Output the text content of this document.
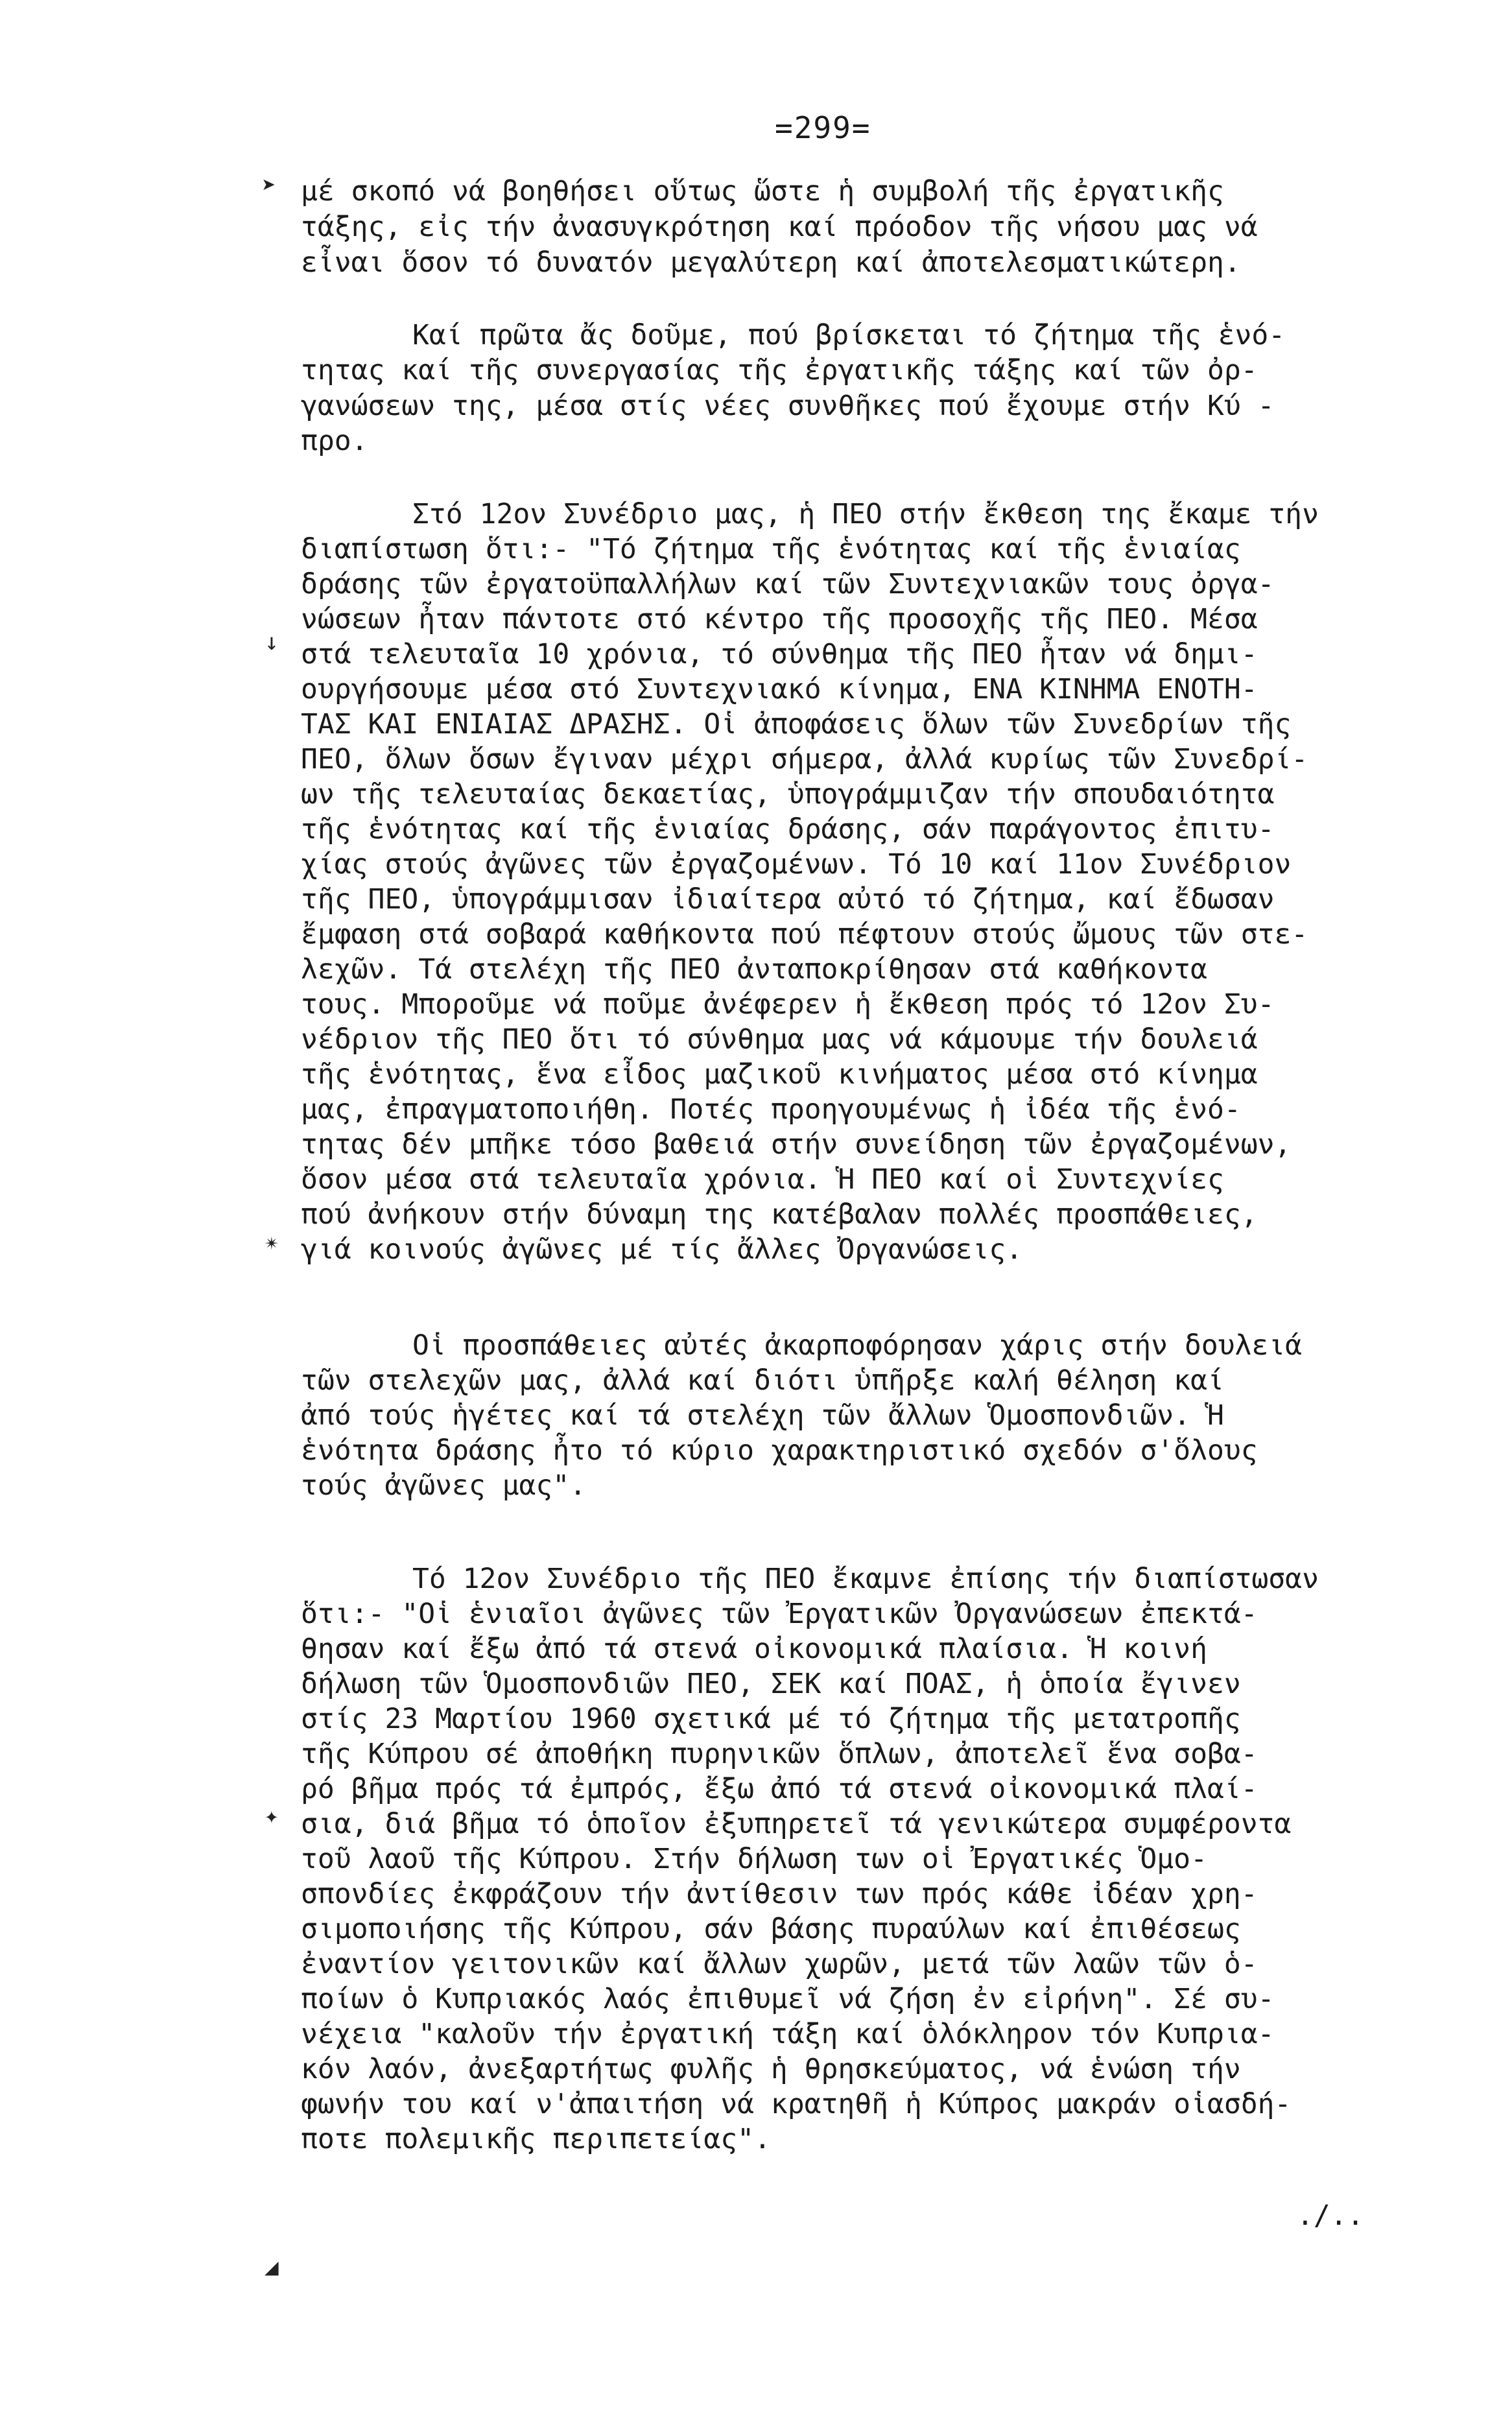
=299=
➤
↓
✴
✦
◢
μέ σκοπό νά βοηθήσει οὕτως ὥστε ἡ συμβολή τῆς ἐργατικῆς
τάξης, εἰς τήν ἀνασυγκρότηση καί πρόοδον τῆς νήσου μας νά
εἶναι ὅσον τό δυνατόν μεγαλύτερη καί ἀποτελεσματικώτερη.
Καί πρῶτα ἄς δοῦμε, πού βρίσκεται τό ζήτημα τῆς ἑνό-
τητας καί τῆς συνεργασίας τῆς ἐργατικῆς τάξης καί τῶν ὀρ-
γανώσεων της, μέσα στίς νέες συνθῆκες πού ἔχουμε στήν Κύ -
προ.
Στό 12ον Συνέδριο μας, ἡ ΠΕΟ στήν ἔκθεση της ἔκαμε τήν
διαπίστωση ὅτι:- "Τό ζήτημα τῆς ἑνότητας καί τῆς ἑνιαίας
δράσης τῶν ἐργατοϋπαλλήλων καί τῶν Συντεχνιακῶν τους ὀργα-
νώσεων ἦταν πάντοτε στό κέντρο τῆς προσοχῆς τῆς ΠΕΟ. Μέσα
στά τελευταῖα 10 χρόνια, τό σύνθημα τῆς ΠΕΟ ἦταν νά δημι-
ουργήσουμε μέσα στό Συντεχνιακό κίνημα, ΕΝΑ ΚΙΝΗΜΑ ΕΝΟΤΗ-
ΤΑΣ ΚΑΙ ΕΝΙΑΙΑΣ ΔΡΑΣΗΣ. Οἱ ἀποφάσεις ὅλων τῶν Συνεδρίων τῆς
ΠΕΟ, ὅλων ὅσων ἔγιναν μέχρι σήμερα, ἀλλά κυρίως τῶν Συνεδρί-
ων τῆς τελευταίας δεκαετίας, ὑπογράμμιζαν τήν σπουδαιότητα
τῆς ἑνότητας καί τῆς ἑνιαίας δράσης, σάν παράγοντος ἐπιτυ-
χίας στούς ἀγῶνες τῶν ἐργαζομένων. Τό 10 καί 11ον Συνέδριον
τῆς ΠΕΟ, ὑπογράμμισαν ἰδιαίτερα αὐτό τό ζήτημα, καί ἔδωσαν
ἔμφαση στά σοβαρά καθήκοντα πού πέφτουν στούς ὤμους τῶν στε-
λεχῶν. Τά στελέχη τῆς ΠΕΟ ἀνταποκρίθησαν στά καθήκοντα
τους. Μποροῦμε νά ποῦμε ἀνέφερεν ἡ ἔκθεση πρός τό 12ον Συ-
νέδριον τῆς ΠΕΟ ὅτι τό σύνθημα μας νά κάμουμε τήν δουλειά
τῆς ἑνότητας, ἕνα εἶδος μαζικοῦ κινήματος μέσα στό κίνημα
μας, ἐπραγματοποιήθη. Ποτές προηγουμένως ἡ ἰδέα τῆς ἑνό-
τητας δέν μπῆκε τόσο βαθειά στήν συνείδηση τῶν ἐργαζομένων,
ὅσον μέσα στά τελευταῖα χρόνια. Ἡ ΠΕΟ καί οἱ Συντεχνίες
πού ἀνήκουν στήν δύναμη της κατέβαλαν πολλές προσπάθειες,
γιά κοινούς ἀγῶνες μέ τίς ἄλλες Ὀργανώσεις.
Οἱ προσπάθειες αὐτές ἀκαρποφόρησαν χάρις στήν δουλειά
τῶν στελεχῶν μας, ἀλλά καί διότι ὑπῆρξε καλή θέληση καί
ἀπό τούς ἡγέτες καί τά στελέχη τῶν ἄλλων Ὁμοσπονδιῶν. Ἡ
ἑνότητα δράσης ἦτο τό κύριο χαρακτηριστικό σχεδόν σ'ὅλους
τούς ἀγῶνες μας".
Τό 12ον Συνέδριο τῆς ΠΕΟ ἔκαμνε ἐπίσης τήν διαπίστωσαν
ὅτι:- "Οἱ ἑνιαῖοι ἀγῶνες τῶν Ἐργατικῶν Ὀργανώσεων ἐπεκτά-
θησαν καί ἔξω ἀπό τά στενά οἰκονομικά πλαίσια. Ἡ κοινή
δήλωση τῶν Ὁμοσπονδιῶν ΠΕΟ, ΣΕΚ καί ΠΟΑΣ, ἡ ὁποία ἔγινεν
στίς 23 Μαρτίου 1960 σχετικά μέ τό ζήτημα τῆς μετατροπῆς
τῆς Κύπρου σέ ἀποθήκη πυρηνικῶν ὅπλων, ἀποτελεῖ ἕνα σοβα-
ρό βῆμα πρός τά ἐμπρός, ἔξω ἀπό τά στενά οἰκονομικά πλαί-
σια, διά βῆμα τό ὁποῖον ἐξυπηρετεῖ τά γενικώτερα συμφέροντα
τοῦ λαοῦ τῆς Κύπρου. Στήν δήλωση των οἱ Ἐργατικές Ὁμο-
σπονδίες ἐκφράζουν τήν ἀντίθεσιν των πρός κάθε ἰδέαν χρη-
σιμοποιήσης τῆς Κύπρου, σάν βάσης πυραύλων καί ἐπιθέσεως
ἐναντίον γειτονικῶν καί ἄλλων χωρῶν, μετά τῶν λαῶν τῶν ὁ-
ποίων ὁ Κυπριακός λαός ἐπιθυμεῖ νά ζήση ἐν εἰρήνη". Σέ συ-
νέχεια "καλοῦν τήν ἐργατική τάξη καί ὁλόκληρον τόν Κυπρια-
κόν λαόν, ἀνεξαρτήτως φυλῆς ἡ θρησκεύματος, νά ἑνώση τήν
φωνήν του καί ν'ἀπαιτήση νά κρατηθῆ ἡ Κύπρος μακράν οἱασδή-
ποτε πολεμικῆς περιπετείας".
./..
